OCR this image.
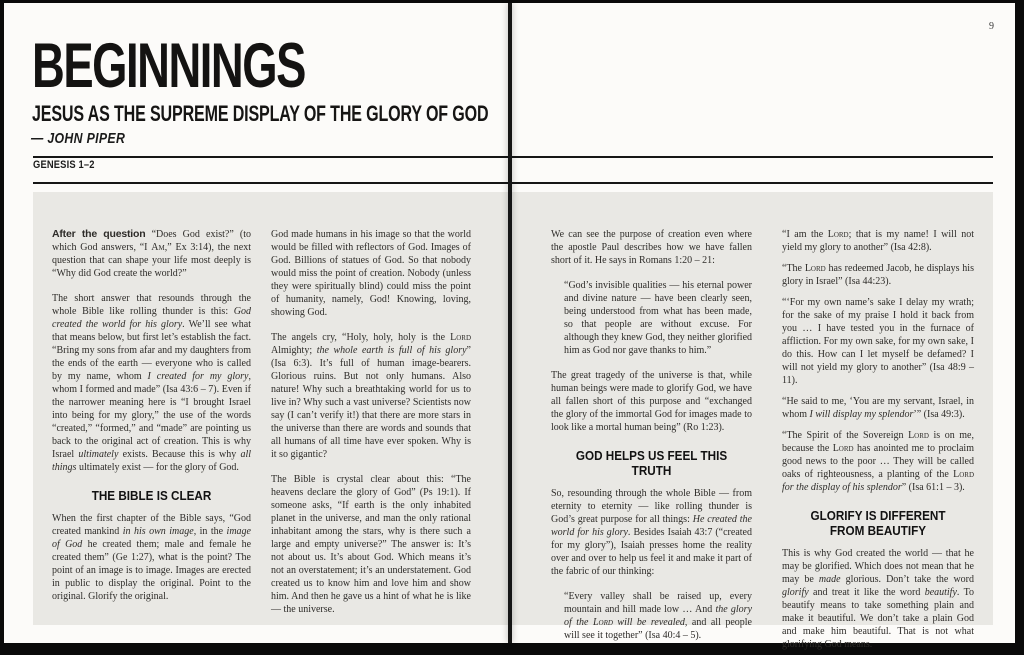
BEGINNINGS
JESUS AS THE SUPREME DISPLAY OF THE GLORY OF GOD
— JOHN PIPER
GENESIS 1–2
9

After the question “Does God exist?” (to which God answers, “I Am,” Ex 3:14), the next question that can shape your life most deeply is “Why did God create the world?”

The short answer that resounds through the whole Bible like rolling thunder is this: God created the world for his glory. We’ll see what that means below, but first let’s establish the fact. “Bring my sons from afar and my daughters from the ends of the earth — everyone who is called by my name, whom I created for my glory, whom I formed and made” (Isa 43:6 – 7). Even if the narrower meaning here is “I brought Israel into being for my glory,” the use of the words “created,” “formed,” and “made” are pointing us back to the original act of creation. This is why Israel ultimately exists. Because this is why all things ultimately exist — for the glory of God.

THE BIBLE IS CLEAR

When the first chapter of the Bible says, “God created mankind in his own image, in the image of God he created them; male and female he created them” (Ge 1:27), what is the point? The point of an image is to image. Images are erected in public to display the original. Point to the original. Glorify the original.

God made humans in his image so that the world would be filled with reflectors of God. Images of God. Billions of statues of God. So that nobody would miss the point of creation. Nobody (unless they were spiritually blind) could miss the point of humanity, namely, God! Knowing, loving, showing God.

The angels cry, “Holy, holy, holy is the Lord Almighty; the whole earth is full of his glory” (Isa 6:3). It’s full of human image-bearers. Glorious ruins. But not only humans. Also nature! Why such a breathtaking world for us to live in? Why such a vast universe? Scientists now say (I can’t verify it!) that there are more stars in the universe than there are words and sounds that all humans of all time have ever spoken. Why is it so gigantic?

The Bible is crystal clear about this: “The heavens declare the glory of God” (Ps 19:1). If someone asks, “If earth is the only inhabited planet in the universe, and man the only rational inhabitant among the stars, why is there such a large and empty universe?” The answer is: It’s not about us. It’s about God. Which means it’s not an overstatement; it’s an understatement. God created us to know him and love him and show him. And then he gave us a hint of what he is like — the universe.

We can see the purpose of creation even where the apostle Paul describes how we have fallen short of it. He says in Romans 1:20 – 21:

“God’s invisible qualities — his eternal power and divine nature — have been clearly seen, being understood from what has been made, so that people are without excuse. For although they knew God, they neither glorified him as God nor gave thanks to him.”

The great tragedy of the universe is that, while human beings were made to glorify God, we have all fallen short of this purpose and “exchanged the glory of the immortal God for images made to look like a mortal human being” (Ro 1:23).

GOD HELPS US FEEL THIS TRUTH

So, resounding through the whole Bible — from eternity to eternity — like rolling thunder is God’s great purpose for all things: He created the world for his glory. Besides Isaiah 43:7 (“created for my glory”), Isaiah presses home the reality over and over to help us feel it and make it part of the fabric of our thinking:

“Every valley shall be raised up, every mountain and hill made low … And the glory of the Lord will be revealed, and all people will see it together” (Isa 40:4 – 5).

“I am the Lord; that is my name! I will not yield my glory to another” (Isa 42:8).

“The Lord has redeemed Jacob, he displays his glory in Israel” (Isa 44:23).

“‘For my own name’s sake I delay my wrath; for the sake of my praise I hold it back from you … I have tested you in the furnace of affliction. For my own sake, for my own sake, I do this. How can I let myself be defamed? I will not yield my glory to another” (Isa 48:9 – 11).

“He said to me, ‘You are my servant, Israel, in whom I will display my splendor’” (Isa 49:3).

“The Spirit of the Sovereign Lord is on me, because the Lord has anointed me to proclaim good news to the poor … They will be called oaks of righteousness, a planting of the Lord for the display of his splendor” (Isa 61:1 – 3).

GLORIFY IS DIFFERENT
FROM BEAUTIFY

This is why God created the world — that he may be glorified. Which does not mean that he may be made glorious. Don’t take the word glorify and treat it like the word beautify. To beautify means to take something plain and make it beautiful. We don’t take a plain God and make him beautiful. That is not what glorifying God means.
